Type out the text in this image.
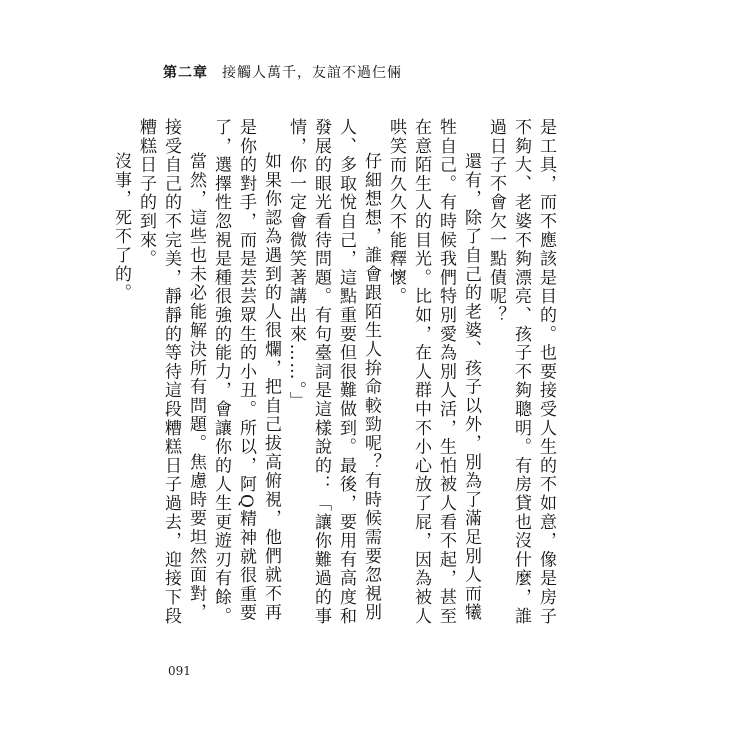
第二章 接觸人萬千，友誼不過仨倆

是工具，而不應該是目的。也要接受人生的不如意，像是房子不夠大、老婆不夠漂亮、孩子不夠聰明。有房貸也沒什麼，誰過日子不會欠一點債呢？

還有，除了自己的老婆、孩子以外，別為了滿足別人而犧牲自己。有時候我們特別愛為別人活，生怕被人看不起，甚至在意陌生人的目光。比如，在人群中不小心放了屁，因為被人哄笑而久久不能釋懷。

仔細想想，誰會跟陌生人拚命較勁呢？有時候需要忽視別人、多取悅自己，這點重要但很難做到。最後，要用有高度和發展的眼光看待問題。有句臺詞是這樣說的：「讓你難過的事情，你一定會微笑著講出來……。」

如果你認為遇到的人很爛，把自己拔高俯視，他們就不再是你的對手，而是芸芸眾生的小丑。所以，阿Q精神就很重要了，選擇性忽視是種很強的能力，會讓你的人生更遊刃有餘。

當然，這些也未必能解決所有問題。焦慮時要坦然面對，接受自己的不完美，靜靜的等待這段糟糕日子過去，迎接下段糟糕日子的到來。

沒事，死不了的。

091
